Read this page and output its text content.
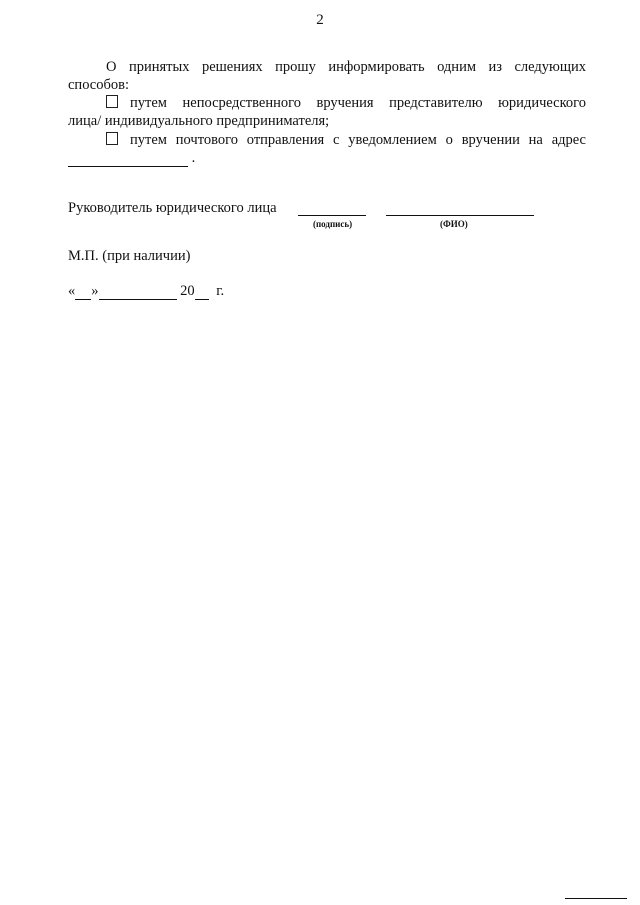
2
О принятых решениях прошу информировать одним из следующих
способов:
путем непосредственного вручения представителю юридического
лица/ индивидуального предпринимателя;
путем почтового отправления с уведомлением о вручении на адрес
.
Руководитель юридического лица
(подпись)	(ФИО)
М.П. (при наличии)
« »	20 г.
